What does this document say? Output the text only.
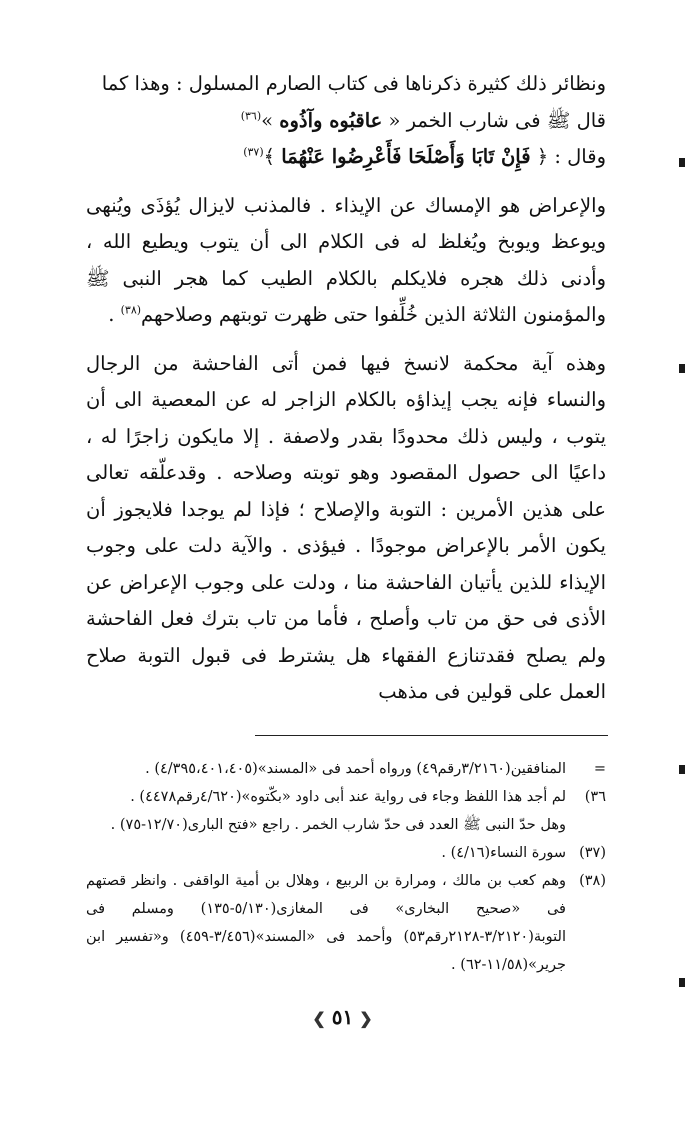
ونظائر ذلك كثيرة ذكرناها فى كتاب الصارم المسلول : وهذا كما
قال ﷺ فى شارب الخمر « عاقبُوه وآذُوه »$^{(٣٦)}$

وقال : ﴿ فَإِنْ تَابَا وَأَصْلَحَا فَأَعْرِضُوا عَنْهُمَا ﴾$^{(٣٧)}$

والإعراض هو الإمساك عن الإيذاء . فالمذنب لايزال يُؤذَى ويُنهى ويوعظ ويوبخ ويُغلظ له فى الكلام الى أن يتوب ويطيع الله ، وأدنى ذلك هجره فلايكلم بالكلام الطيب كما هجر النبى ﷺ والمؤمنون الثلاثة الذين خُلِّفوا حتى ظهرت توبتهم وصلاحهم$^{(٣٨)}$ .

وهذه آية محكمة لانسخ فيها فمن أتى الفاحشة من الرجال والنساء فإنه يجب إيذاؤه بالكلام الزاجر له عن المعصية الى أن يتوب ، وليس ذلك محدودًا بقدر ولاصفة . إلا مايكون زاجرًا له ، داعيًا الى حصول المقصود وهو توبته وصلاحه . وقدعلّقه تعالى على هذين الأمرين : التوبة والإصلاح ؛ فإذا لم يوجدا فلايجوز أن يكون الأمر بالإعراض موجودًا . فيؤذى . والآية دلت على وجوب الإيذاء للذين يأتيان الفاحشة منا ، ودلت على وجوب الإعراض عن الأذى فى حق من تاب وأصلح ، فأما من تاب بترك فعل الفاحشة ولم يصلح فقدتنازع الفقهاء هل يشترط فى قبول التوبة صلاح العمل على قولين فى مذهب

=
المنافقين(٣/٢١٦٠رقم٤٩) ورواه أحمد فى «المسند»(٤/٣٩٥،٤٠١،٤٠٥) .
٣٦)
لم أجد هذا اللفظ وجاء فى رواية عند أبى داود «بكّتوه»(٤/٦٢٠رقم٤٤٧٨) .
وهل حدّ النبى ﷺ العدد فى حدّ شارب الخمر . راجع «فتح البارى(١٢/٧٠-٧٥) .
(٣٧)
سورة النساء(٤/١٦) .
(٣٨)
وهم كعب بن مالك ، ومرارة بن الربيع ، وهلال بن أمية الواقفى . وانظر قصتهم فى «صحيح البخارى» فى المغازى(٥/١٣٠-١٣٥) ومسلم فى التوبة(٣/٢١٢٠-٢١٢٨رقم٥٣) وأحمد فى «المسند»(٣/٤٥٦-٤٥٩) و«تفسير ابن جرير»(١١/٥٨-٦٢) .
❮ ٥١ ❯
